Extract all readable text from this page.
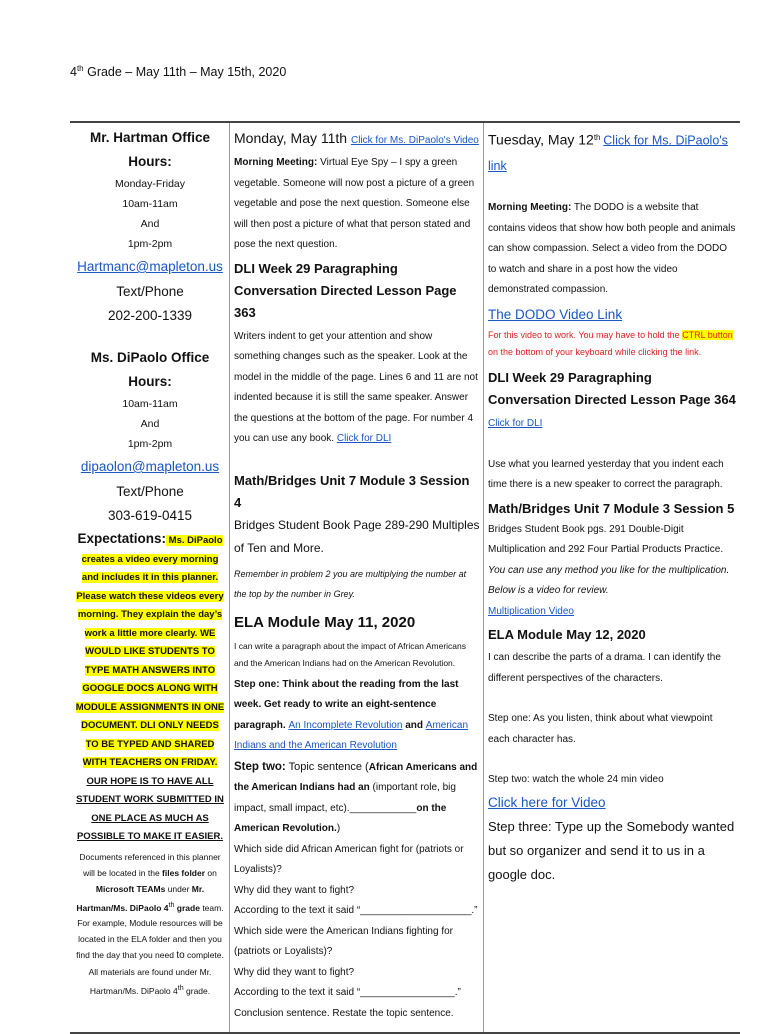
4th Grade – May 11th – May 15th, 2020

Mr. Hartman Office Hours:

Monday-Friday

10am-11am

And

1pm-2pm

Hartmanc@mapleton.us

Text/Phone

202-200-1339

Ms. DiPaolo Office Hours:

10am-11am

And

1pm-2pm

dipaolon@mapleton.us

Text/Phone

303-619-0415

Expectations: Ms. DiPaolo creates a video every morning and includes it in this planner. Please watch these videos every morning. They explain the day’s work a little more clearly. WE WOULD LIKE STUDENTS TO TYPE MATH ANSWERS INTO GOOGLE DOCS ALONG WITH MODULE ASSIGNMENTS IN ONE DOCUMENT. DLI ONLY NEEDS TO BE TYPED AND SHARED WITH TEACHERS ON FRIDAY. OUR HOPE IS TO HAVE ALL STUDENT WORK SUBMITTED IN ONE PLACE AS MUCH AS POSSIBLE TO MAKE IT EASIER.

Documents referenced in this planner will be located in the files folder on Microsoft TEAMs under Mr. Hartman/Ms. DiPaolo 4th grade team. For example, Module resources will be located in the ELA folder and then you find the day that you need to complete. All materials are found under Mr. Hartman/Ms. DiPaolo 4th grade.

Monday, May 11th Click for Ms. DiPaolo's Video

Morning Meeting: Virtual Eye Spy – I spy a green vegetable. Someone will now post a picture of a green vegetable and pose the next question. Someone else will then post a picture of what that person stated and pose the next question.

DLI Week 29 Paragraphing Conversation Directed Lesson Page 363

Writers indent to get your attention and show something changes such as the speaker. Look at the model in the middle of the page. Lines 6 and 11 are not indented because it is still the same speaker. Answer the questions at the bottom of the page. For number 4 you can use any book. Click for DLI

Math/Bridges Unit 7 Module 3 Session 4

Bridges Student Book Page 289-290 Multiples of Ten and More.

Remember in problem 2 you are multiplying the number at the top by the number in Grey.

ELA Module May 11, 2020

I can write a paragraph about the impact of African Americans and the American Indians had on the American Revolution.

Step one: Think about the reading from the last week. Get ready to write an eight-sentence paragraph. An Incomplete Revolution and American Indians and the American Revolution

Step two: Topic sentence (African Americans and the American Indians had an (important role, big impact, small impact, etc).____________on the American Revolution.)

Which side did African American fight for (patriots or Loyalists)?

Why did they want to fight?

According to the text it said “____________________.”

Which side were the American Indians fighting for (patriots or Loyalists)?

Why did they want to fight?

According to the text it said “_________________.”

Conclusion sentence. Restate the topic sentence.

Tuesday, May 12th Click for Ms. DiPaolo's link

Morning Meeting: The DODO is a website that contains videos that show how both people and animals can show compassion. Select a video from the DODO to watch and share in a post how the video demonstrated compassion.

The DODO Video Link

For this video to work. You may have to hold the CTRL button on the bottom of your keyboard while clicking the link.

DLI Week 29 Paragraphing Conversation Directed Lesson Page 364 Click for DLI

Use what you learned yesterday that you indent each time there is a new speaker to correct the paragraph.

Math/Bridges Unit 7 Module 3 Session 5

Bridges Student Book pgs. 291 Double-Digit Multiplication and 292 Four Partial Products Practice.

You can use any method you like for the multiplication. Below is a video for review.

Multiplication Video

ELA Module May 12, 2020

I can describe the parts of a drama. I can identify the different perspectives of the characters.

Step one: As you listen, think about what viewpoint each character has.

Step two: watch the whole 24 min video

Click here for Video

Step three: Type up the Somebody wanted but so organizer and send it to us in a google doc.
